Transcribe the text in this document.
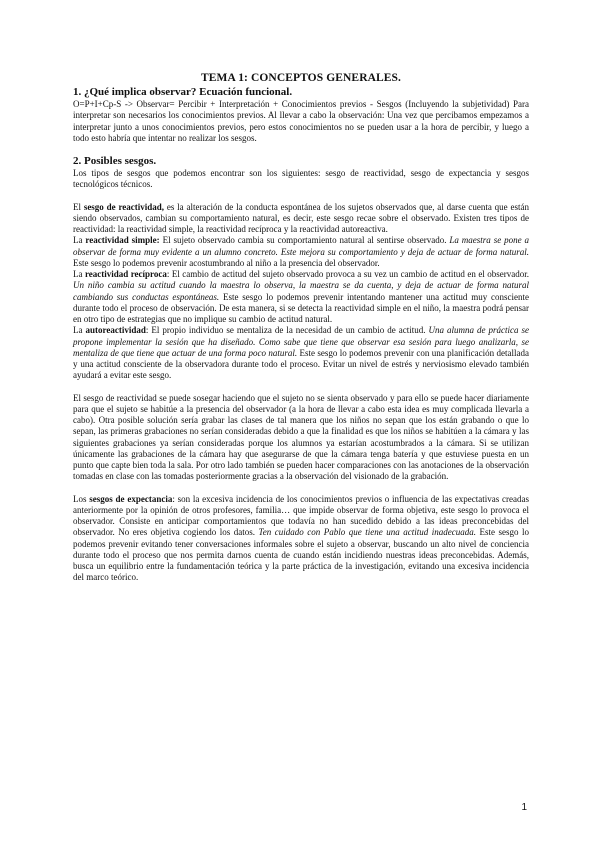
TEMA 1: CONCEPTOS GENERALES.
1. ¿Qué implica observar? Ecuación funcional.

O=P+I+Cp-S -> Observar= Percibir + Interpretación + Conocimientos previos - Sesgos (Incluyendo la subjetividad) Para interpretar son necesarios los conocimientos previos. Al llevar a cabo la observación: Una vez que percibamos empezamos a interpretar junto a unos conocimientos previos, pero estos conocimientos no se pueden usar a la hora de percibir, y luego a todo esto habría que intentar no realizar los sesgos.

2. Posibles sesgos.

Los tipos de sesgos que podemos encontrar son los siguientes: sesgo de reactividad, sesgo de expectancia y sesgos tecnológicos técnicos.

El sesgo de reactividad, es la alteración de la conducta espontánea de los sujetos observados que, al darse cuenta que están siendo observados, cambian su comportamiento natural, es decir, este sesgo recae sobre el observado. Existen tres tipos de reactividad: la reactividad simple, la reactividad recíproca y la reactividad autoreactiva.

La reactividad simple: El sujeto observado cambia su comportamiento natural al sentirse observado. La maestra se pone a observar de forma muy evidente a un alumno concreto. Este mejora su comportamiento y deja de actuar de forma natural. Este sesgo lo podemos prevenir acostumbrando al niño a la presencia del observador.

La reactividad recíproca: El cambio de actitud del sujeto observado provoca a su vez un cambio de actitud en el observador. Un niño cambia su actitud cuando la maestra lo observa, la maestra se da cuenta, y deja de actuar de forma natural cambiando sus conductas espontáneas. Este sesgo lo podemos prevenir intentando mantener una actitud muy consciente durante todo el proceso de observación. De esta manera, si se detecta la reactividad simple en el niño, la maestra podrá pensar en otro tipo de estrategias que no implique su cambio de actitud natural.

La autoreactividad: El propio individuo se mentaliza de la necesidad de un cambio de actitud. Una alumna de práctica se propone implementar la sesión que ha diseñado. Como sabe que tiene que observar esa sesión para luego analizarla, se mentaliza de que tiene que actuar de una forma poco natural. Este sesgo lo podemos prevenir con una planificación detallada y una actitud consciente de la observadora durante todo el proceso. Evitar un nivel de estrés y nerviosismo elevado también ayudará a evitar este sesgo.

El sesgo de reactividad se puede sosegar haciendo que el sujeto no se sienta observado y para ello se puede hacer diariamente para que el sujeto se habitúe a la presencia del observador (a la hora de llevar a cabo esta idea es muy complicada llevarla a cabo). Otra posible solución sería grabar las clases de tal manera que los niños no sepan que los están grabando o que lo sepan, las primeras grabaciones no serían consideradas debido a que la finalidad es que los niños se habitúen a la cámara y las siguientes grabaciones ya serían consideradas porque los alumnos ya estarían acostumbrados a la cámara. Si se utilizan únicamente las grabaciones de la cámara hay que asegurarse de que la cámara tenga batería y que estuviese puesta en un punto que capte bien toda la sala. Por otro lado también se pueden hacer comparaciones con las anotaciones de la observación tomadas en clase con las tomadas posteriormente gracias a la observación del visionado de la grabación.

Los sesgos de expectancia: son la excesiva incidencia de los conocimientos previos o influencia de las expectativas creadas anteriormente por la opinión de otros profesores, familia… que impide observar de forma objetiva, este sesgo lo provoca el observador. Consiste en anticipar comportamientos que todavía no han sucedido debido a las ideas preconcebidas del observador. No eres objetiva cogiendo los datos. Ten cuidado con Pablo que tiene una actitud inadecuada. Este sesgo lo podemos prevenir evitando tener conversaciones informales sobre el sujeto a observar, buscando un alto nivel de conciencia durante todo el proceso que nos permita darnos cuenta de cuando están incidiendo nuestras ideas preconcebidas. Además, busca un equilibrio entre la fundamentación teórica y la parte práctica de la investigación, evitando una excesiva incidencia del marco teórico.

1
